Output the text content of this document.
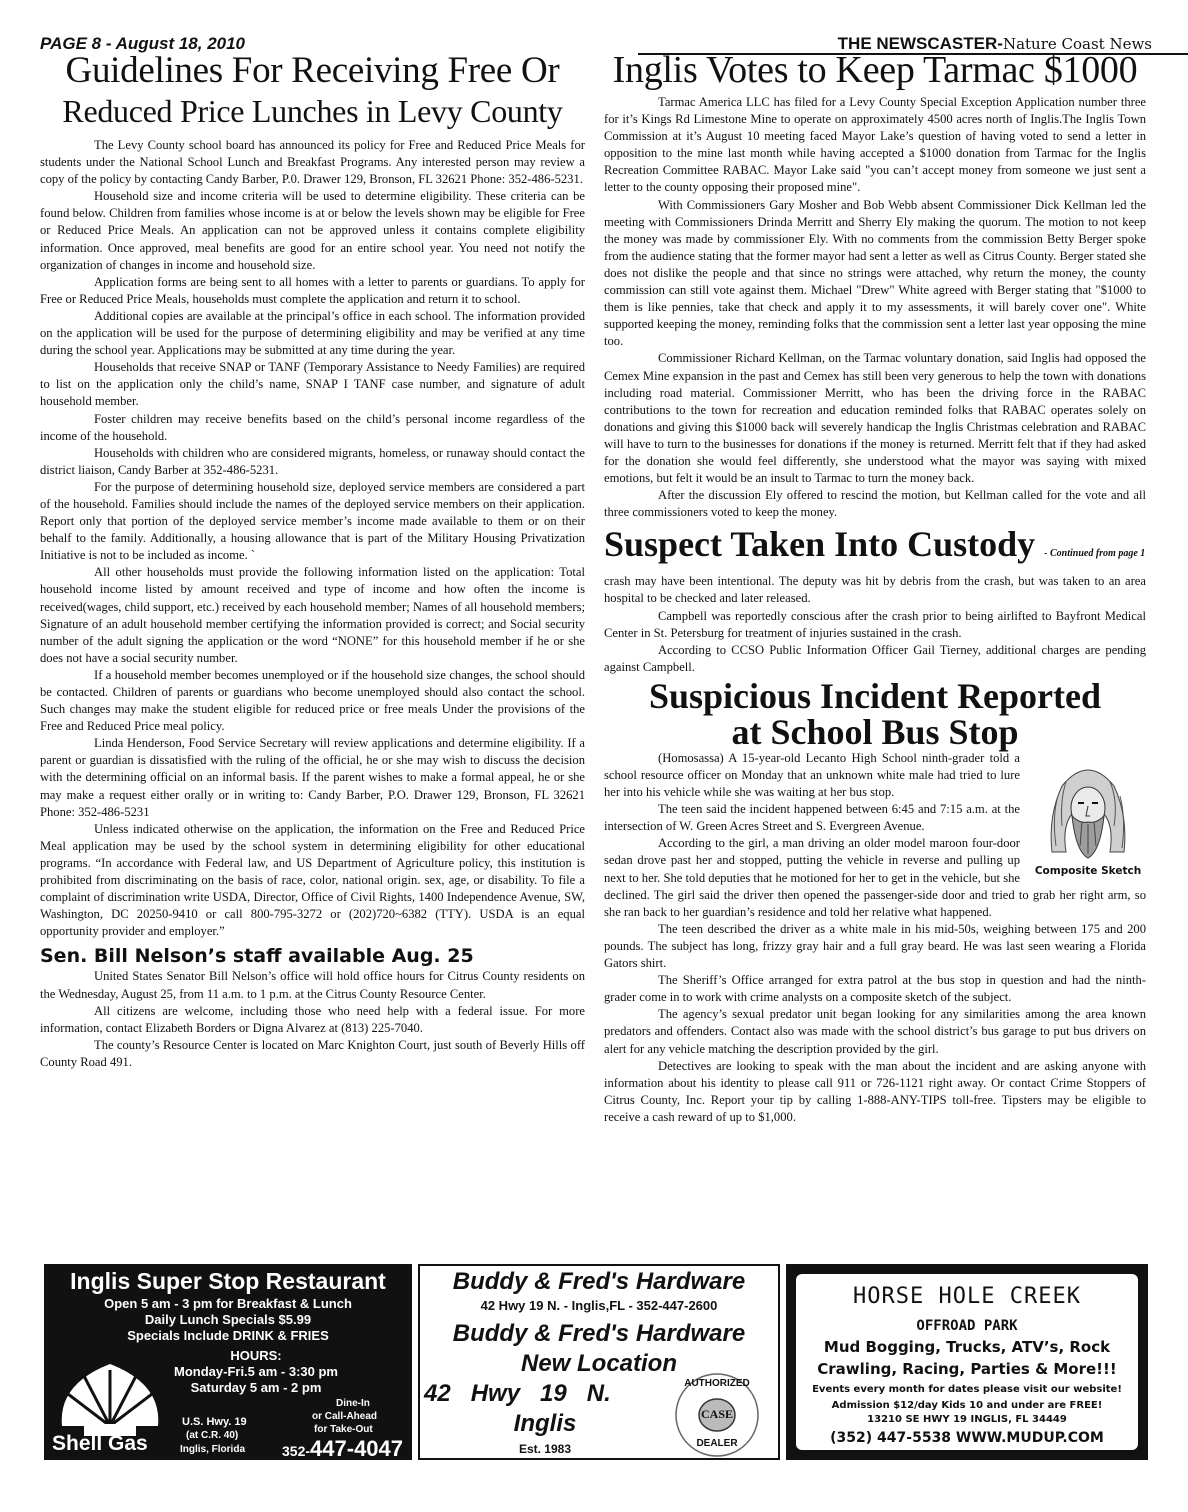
PAGE 8 - August 18, 2010	THE NEWSCASTER-Nature Coast News
Guidelines For Receiving Free Or
Reduced Price Lunches in Levy County

The Levy County school board has announced its policy for Free and Reduced Price Meals for students under the National School Lunch and Breakfast Programs. Any interested person may review a copy of the policy by contacting Candy Barber, P.0. Drawer 129, Bronson, FL 32621 Phone: 352-486-5231.

Household size and income criteria will be used to determine eligibility. These criteria can be found below. Children from families whose income is at or below the levels shown may be eligible for Free or Reduced Price Meals. An application can not be approved unless it contains complete eligibility information. Once approved, meal benefits are good for an entire school year. You need not notify the organization of changes in income and household size.

Application forms are being sent to all homes with a letter to parents or guardians. To apply for Free or Reduced Price Meals, households must complete the application and return it to school.

Additional copies are available at the principal’s office in each school. The information provided on the application will be used for the purpose of determining eligibility and may be verified at any time during the school year. Applications may be submitted at any time during the year.

Households that receive SNAP or TANF (Temporary Assistance to Needy Families) are required to list on the application only the child’s name, SNAP I TANF case number, and signature of adult household member.

Foster children may receive benefits based on the child’s personal income regardless of the income of the household.

Households with children who are considered migrants, homeless, or runaway should contact the district liaison, Candy Barber at 352-486-5231.

For the purpose of determining household size, deployed service members are considered a part of the household. Families should include the names of the deployed service members on their application. Report only that portion of the deployed service member’s income made available to them or on their behalf to the family. Additionally, a housing allowance that is part of the Military Housing Privatization Initiative is not to be included as income. `

All other households must provide the following information listed on the application: Total household income listed by amount received and type of income and how often the income is received(wages, child support, etc.) received by each household member; Names of all household members; Signature of an adult household member certifying the information provided is correct; and Social security number of the adult signing the application or the word “NONE” for this household member if he or she does not have a social security number.

If a household member becomes unemployed or if the household size changes, the school should be contacted. Children of parents or guardians who become unemployed should also contact the school. Such changes may make the student eligible for reduced price or free meals Under the provisions of the Free and Reduced Price meal policy.

Linda Henderson, Food Service Secretary will review applications and determine eligibility. If a parent or guardian is dissatisfied with the ruling of the official, he or she may wish to discuss the decision with the determining official on an informal basis. If the parent wishes to make a formal appeal, he or she may make a request either orally or in writing to: Candy Barber, P.O. Drawer 129, Bronson, FL 32621 Phone: 352-486-5231

Unless indicated otherwise on the application, the information on the Free and Reduced Price Meal application may be used by the school system in determining eligibility for other educational programs. “In accordance with Federal law, and US Department of Agriculture policy, this institution is prohibited from discriminating on the basis of race, color, national origin. sex, age, or disability. To file a complaint of discrimination write USDA, Director, Office of Civil Rights, 1400 Independence Avenue, SW, Washington, DC 20250-9410 or call 800-795-3272 or (202)720~6382 (TTY). USDA is an equal opportunity provider and employer.”

Sen. Bill Nelson’s staff available Aug. 25

United States Senator Bill Nelson’s office will hold office hours for Citrus County residents on the Wednesday, August 25, from 11 a.m. to 1 p.m. at the Citrus County Resource Center.

All citizens are welcome, including those who need help with a federal issue. For more information, contact Elizabeth Borders or Digna Alvarez at (813) 225-7040.

The county’s Resource Center is located on Marc Knighton Court, just south of Beverly Hills off County Road 491.

Inglis Votes to Keep Tarmac $1000

Tarmac America LLC has filed for a Levy County Special Exception Application number three for it’s Kings Rd Limestone Mine to operate on approximately 4500 acres north of Inglis.The Inglis Town Commission at it’s August 10 meeting faced Mayor Lake’s question of having voted to send a letter in opposition to the mine last month while having accepted a $1000 donation from Tarmac for the Inglis Recreation Committee RABAC. Mayor Lake said "you can’t accept money from someone we just sent a letter to the county opposing their proposed mine".

With Commissioners Gary Mosher and Bob Webb absent Commissioner Dick Kellman led the meeting with Commissioners Drinda Merritt and Sherry Ely making the quorum. The motion to not keep the money was made by commissioner Ely. With no comments from the commission Betty Berger spoke from the audience stating that the former mayor had sent a letter as well as Citrus County. Berger stated she does not dislike the people and that since no strings were attached, why return the money, the county commission can still vote against them. Michael "Drew" White agreed with Berger stating that "$1000 to them is like pennies, take that check and apply it to my assessments, it will barely cover one". White supported keeping the money, reminding folks that the commission sent a letter last year opposing the mine too.

Commissioner Richard Kellman, on the Tarmac voluntary donation, said Inglis had opposed the Cemex Mine expansion in the past and Cemex has still been very generous to help the town with donations including road material. Commissioner Merritt, who has been the driving force in the RABAC contributions to the town for recreation and education reminded folks that RABAC operates solely on donations and giving this $1000 back will severely handicap the Inglis Christmas celebration and RABAC will have to turn to the businesses for donations if the money is returned. Merritt felt that if they had asked for the donation she would feel differently, she understood what the mayor was saying with mixed emotions, but felt it would be an insult to Tarmac to turn the money back.

After the discussion Ely offered to rescind the motion, but Kellman called for the vote and all three commissioners voted to keep the money.

Suspect Taken Into Custody - Continued from page 1

crash may have been intentional. The deputy was hit by debris from the crash, but was taken to an area hospital to be checked and later released.

Campbell was reportedly conscious after the crash prior to being airlifted to Bayfront Medical Center in St. Petersburg for treatment of injuries sustained in the crash.

According to CCSO Public Information Officer Gail Tierney, additional charges are pending against Campbell.

Suspicious Incident Reported
at School Bus Stop
Composite Sketch

(Homosassa) A 15-year-old Lecanto High School ninth-grader told a school resource officer on Monday that an unknown white male had tried to lure her into his vehicle while she was waiting at her bus stop.

The teen said the incident happened between 6:45 and 7:15 a.m. at the intersection of W. Green Acres Street and S. Evergreen Avenue.

According to the girl, a man driving an older model maroon four-door sedan drove past her and stopped, putting the vehicle in reverse and pulling up next to her. She told deputies that he motioned for her to get in the vehicle, but she declined. The girl said the driver then opened the passenger-side door and tried to grab her right arm, so she ran back to her guardian’s residence and told her relative what happened.

The teen described the driver as a white male in his mid-50s, weighing between 175 and 200 pounds. The subject has long, frizzy gray hair and a full gray beard. He was last seen wearing a Florida Gators shirt.

The Sheriff’s Office arranged for extra patrol at the bus stop in question and had the ninth-grader come in to work with crime analysts on a composite sketch of the subject.

The agency’s sexual predator unit began looking for any similarities among the area known predators and offenders. Contact also was made with the school district’s bus garage to put bus drivers on alert for any vehicle matching the description provided by the girl.

Detectives are looking to speak with the man about the incident and are asking anyone with information about his identity to please call 911 or 726-1121 right away. Or contact Crime Stoppers of Citrus County, Inc. Report your tip by calling 1-888-ANY-TIPS toll-free. Tipsters may be eligible to receive a cash reward of up to $1,000.

Inglis Super Stop Restaurant
Open 5 am - 3 pm for Breakfast & Lunch
Daily Lunch Specials $5.99
Specials Include DRINK & FRIES
HOURS:
Monday-Fri.5 am - 3:30 pm
Saturday 5 am - 2 pm
Shell Gas
U.S. Hwy. 19
(at C.R. 40)
Inglis, Florida
Dine-In
or Call-Ahead
for Take-Out
352-447-4047
Buddy & Fred's Hardware
42 Hwy 19 N. - Inglis,FL - 352-447-2600
Buddy & Fred's Hardware
New Location
42   Hwy   19   N.
Inglis
Est. 1983
AUTHORIZED
CASE
DEALER
HORSE HOLE CREEK
OFFROAD PARK
Mud Bogging, Trucks, ATV’s, Rock
Crawling, Racing, Parties & More!!!
Events every month for dates please visit our website!
Admission $12/day Kids 10 and under are FREE!
13210 SE HWY 19 INGLIS, FL 34449
(352) 447-5538 WWW.MUDUP.COM
